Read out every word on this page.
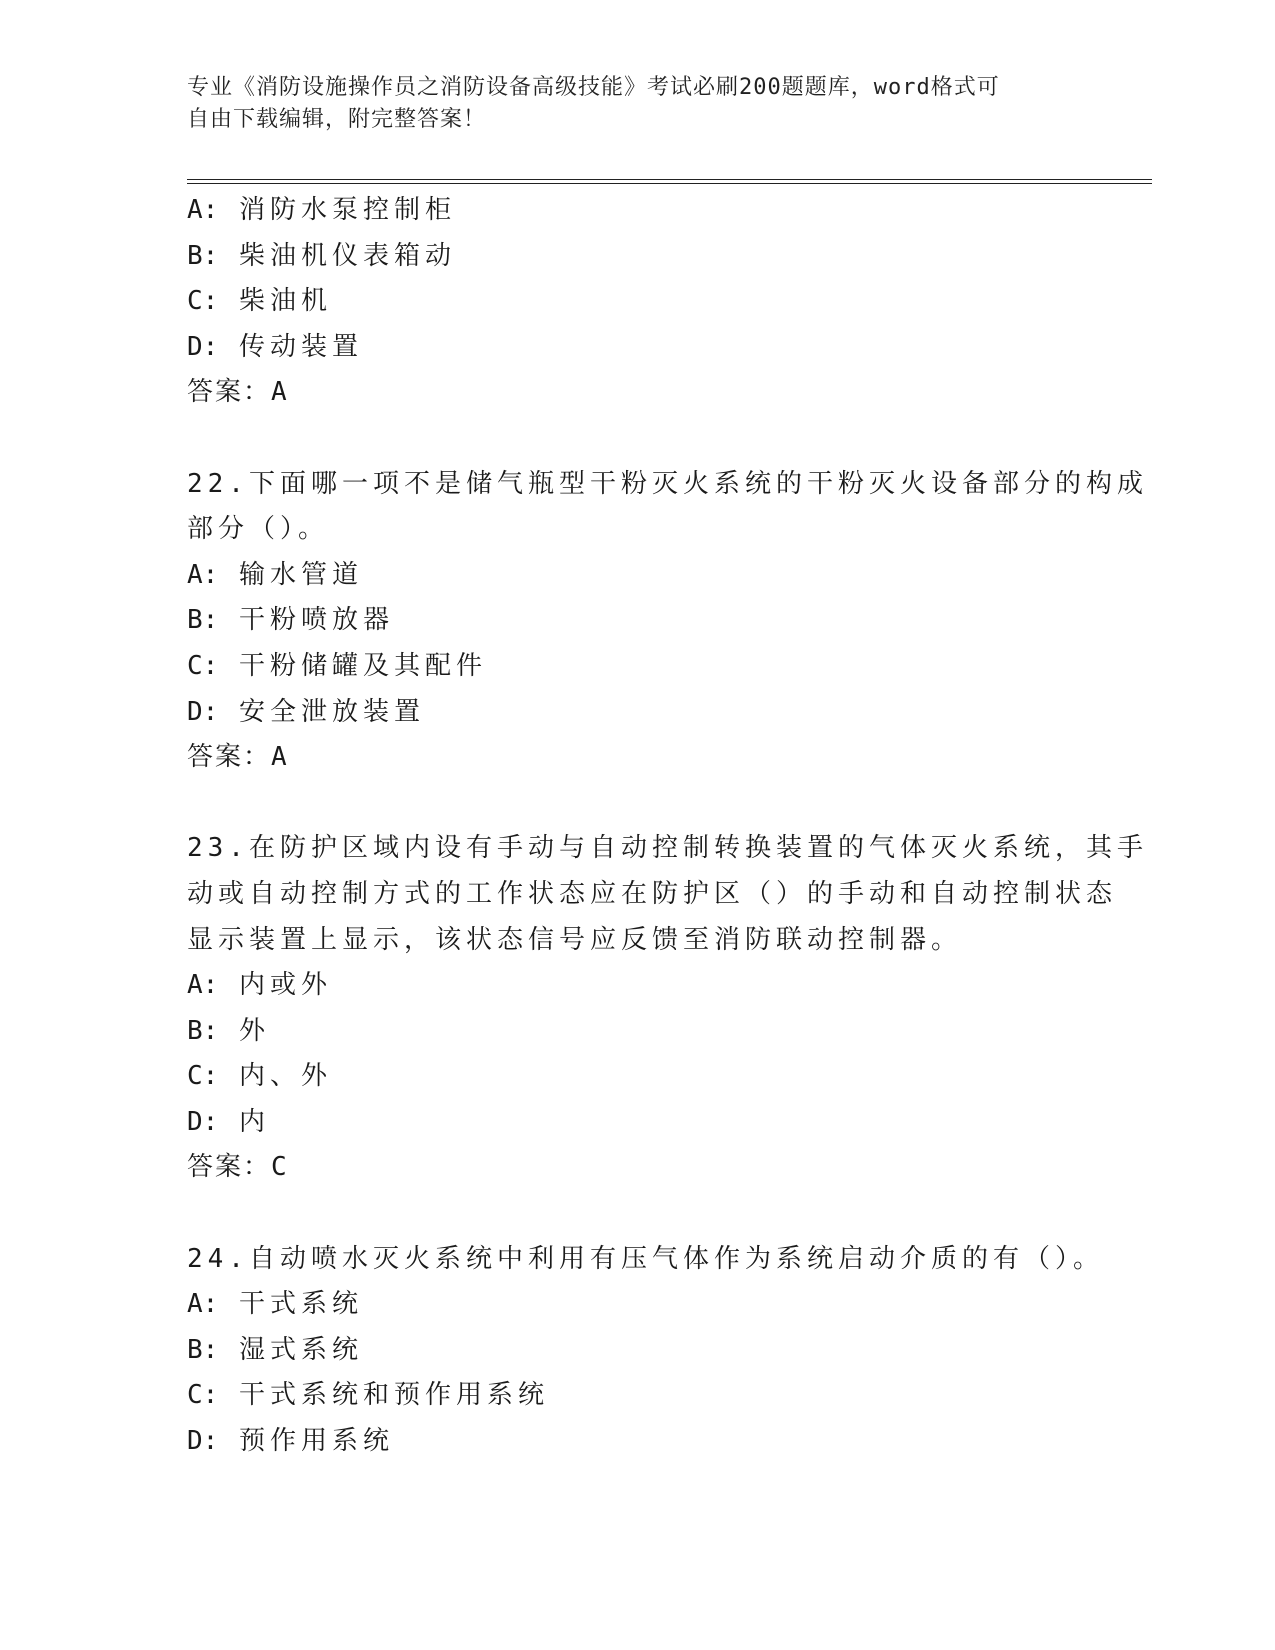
专业《消防设施操作员之消防设备高级技能》考试必刷200题题库，word格式可
自由下载编辑，附完整答案！
A: 消防水泵控制柜
B: 柴油机仪表箱动
C: 柴油机
D: 传动装置
答案：A
22.下面哪一项不是储气瓶型干粉灭火系统的干粉灭火设备部分的构成
部分（）。
A: 输水管道
B: 干粉喷放器
C: 干粉储罐及其配件
D: 安全泄放装置
答案：A
23.在防护区域内设有手动与自动控制转换装置的气体灭火系统，其手
动或自动控制方式的工作状态应在防护区（）的手动和自动控制状态
显示装置上显示，该状态信号应反馈至消防联动控制器。
A: 内或外
B: 外
C: 内、外
D: 内
答案：C
24.自动喷水灭火系统中利用有压气体作为系统启动介质的有（）。
A: 干式系统
B: 湿式系统
C: 干式系统和预作用系统
D: 预作用系统
